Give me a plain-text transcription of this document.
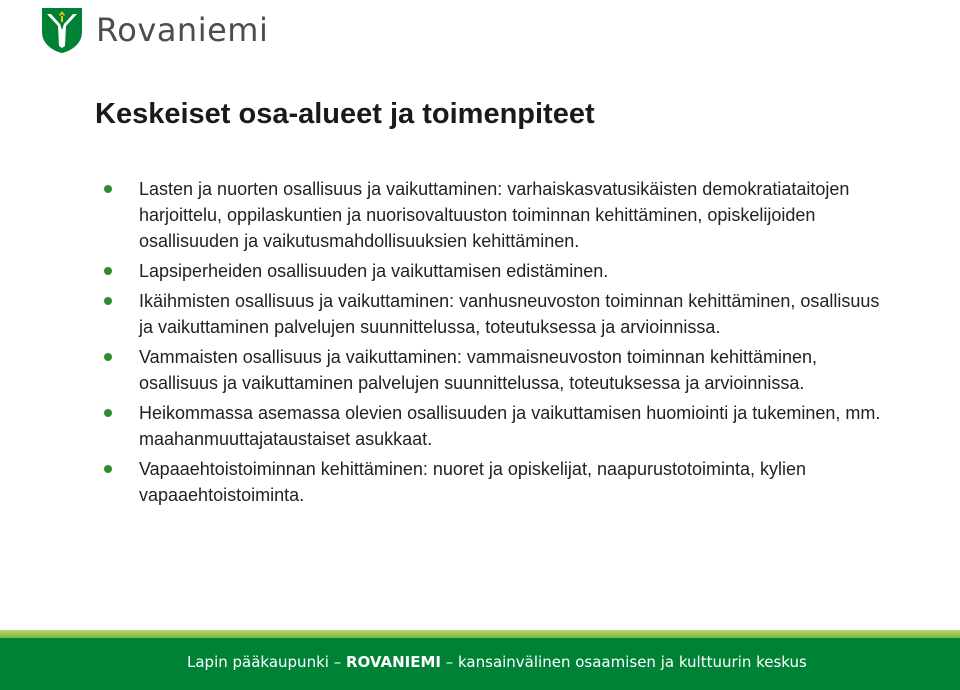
Rovaniemi
Keskeiset osa-alueet ja toimenpiteet
Lasten ja nuorten osallisuus ja vaikuttaminen: varhaiskasvatusikäisten demokratiataitojen harjoittelu, oppilaskuntien ja nuorisovaltuuston toiminnan kehittäminen, opiskelijoiden osallisuuden ja vaikutusmahdollisuuksien kehittäminen.
Lapsiperheiden osallisuuden ja vaikuttamisen edistäminen.
Ikäihmisten osallisuus ja vaikuttaminen: vanhusneuvoston toiminnan kehittäminen, osallisuus ja vaikuttaminen palvelujen suunnittelussa, toteutuksessa ja arvioinnissa.
Vammaisten osallisuus ja vaikuttaminen: vammaisneuvoston toiminnan kehittäminen, osallisuus ja vaikuttaminen palvelujen suunnittelussa, toteutuksessa ja arvioinnissa.
Heikommassa asemassa olevien osallisuuden ja vaikuttamisen huomiointi ja tukeminen, mm. maahanmuuttajataustaiset asukkaat.
Vapaaehtoistoiminnan kehittäminen: nuoret ja opiskelijat, naapurustotoiminta, kylien vapaaehtoistoiminta.

Lapin pääkaupunki – ROVANIEMI – kansainvälinen osaamisen ja kulttuurin keskus
